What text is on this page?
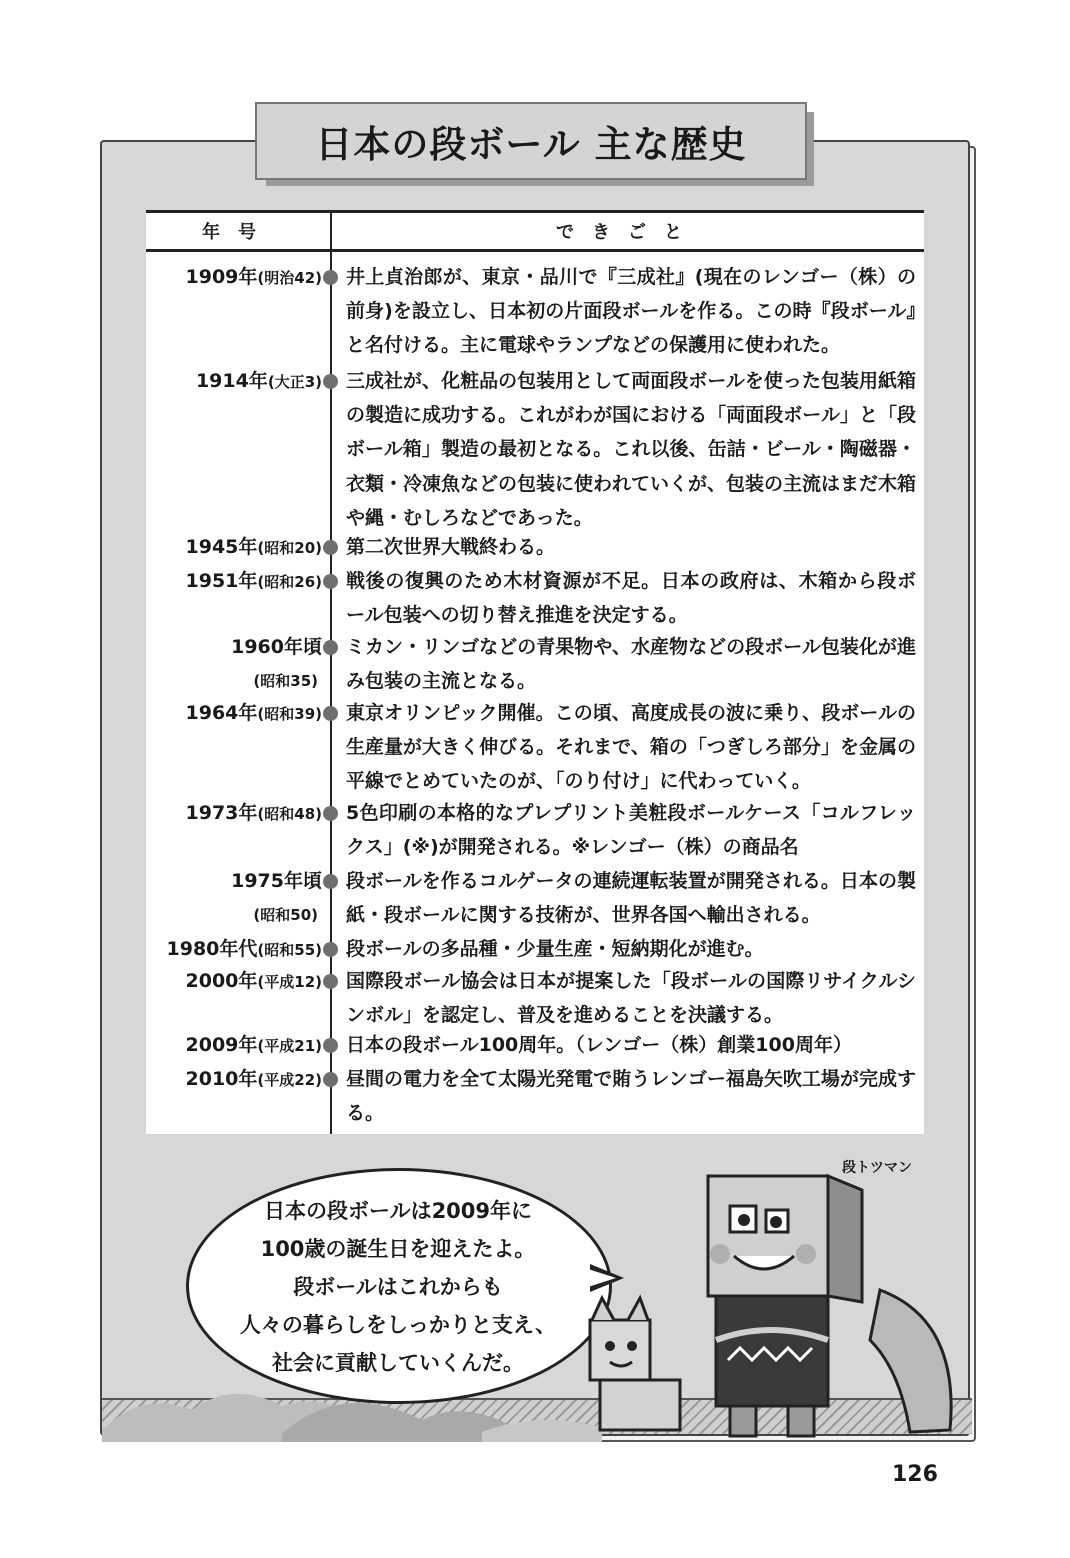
日本の段ボール 主な歴史
年号	できごと
1909年(明治42) 井上貞治郎が、東京・品川で『三成社』(現在のレンゴー（株）の前身)を設立し、日本初の片面段ボールを作る。この時『段ボール』と名付ける。主に電球やランプなどの保護用に使われた。
1914年(大正3) 三成社が、化粧品の包装用として両面段ボールを使った包装用紙箱の製造に成功する。これがわが国における「両面段ボール」と「段ボール箱」製造の最初となる。これ以後、缶詰・ビール・陶磁器・衣類・冷凍魚などの包装に使われていくが、包装の主流はまだ木箱や縄・むしろなどであった。
1945年(昭和20) 第二次世界大戦終わる。
1951年(昭和26) 戦後の復興のため木材資源が不足。日本の政府は、木箱から段ボール包装への切り替え推進を決定する。
1960年頃
(昭和35)
ミカン・リンゴなどの青果物や、水産物などの段ボール包装化が進み包装の主流となる。
1964年(昭和39) 東京オリンピック開催。この頃、高度成長の波に乗り、段ボールの生産量が大きく伸びる。それまで、箱の「つぎしろ部分」を金属の平線でとめていたのが、「のり付け」に代わっていく。
1973年(昭和48) 5色印刷の本格的なプレプリント美粧段ボールケース「コルフレックス」(※)が開発される。※レンゴー（株）の商品名
1975年頃
(昭和50)
段ボールを作るコルゲータの連続運転装置が開発される。日本の製紙・段ボールに関する技術が、世界各国へ輸出される。
1980年代(昭和55) 段ボールの多品種・少量生産・短納期化が進む。
2000年(平成12) 国際段ボール協会は日本が提案した「段ボールの国際リサイクルシンボル」を認定し、普及を進めることを決議する。
2009年(平成21) 日本の段ボール100周年。（レンゴー（株）創業100周年）
2010年(平成22) 昼間の電力を全て太陽光発電で賄うレンゴー福島矢吹工場が完成する。
日本の段ボールは2009年に
100歳の誕生日を迎えたよ。
段ボールはこれからも
人々の暮らしをしっかりと支え、
社会に貢献していくんだ。
段トツマン
126
